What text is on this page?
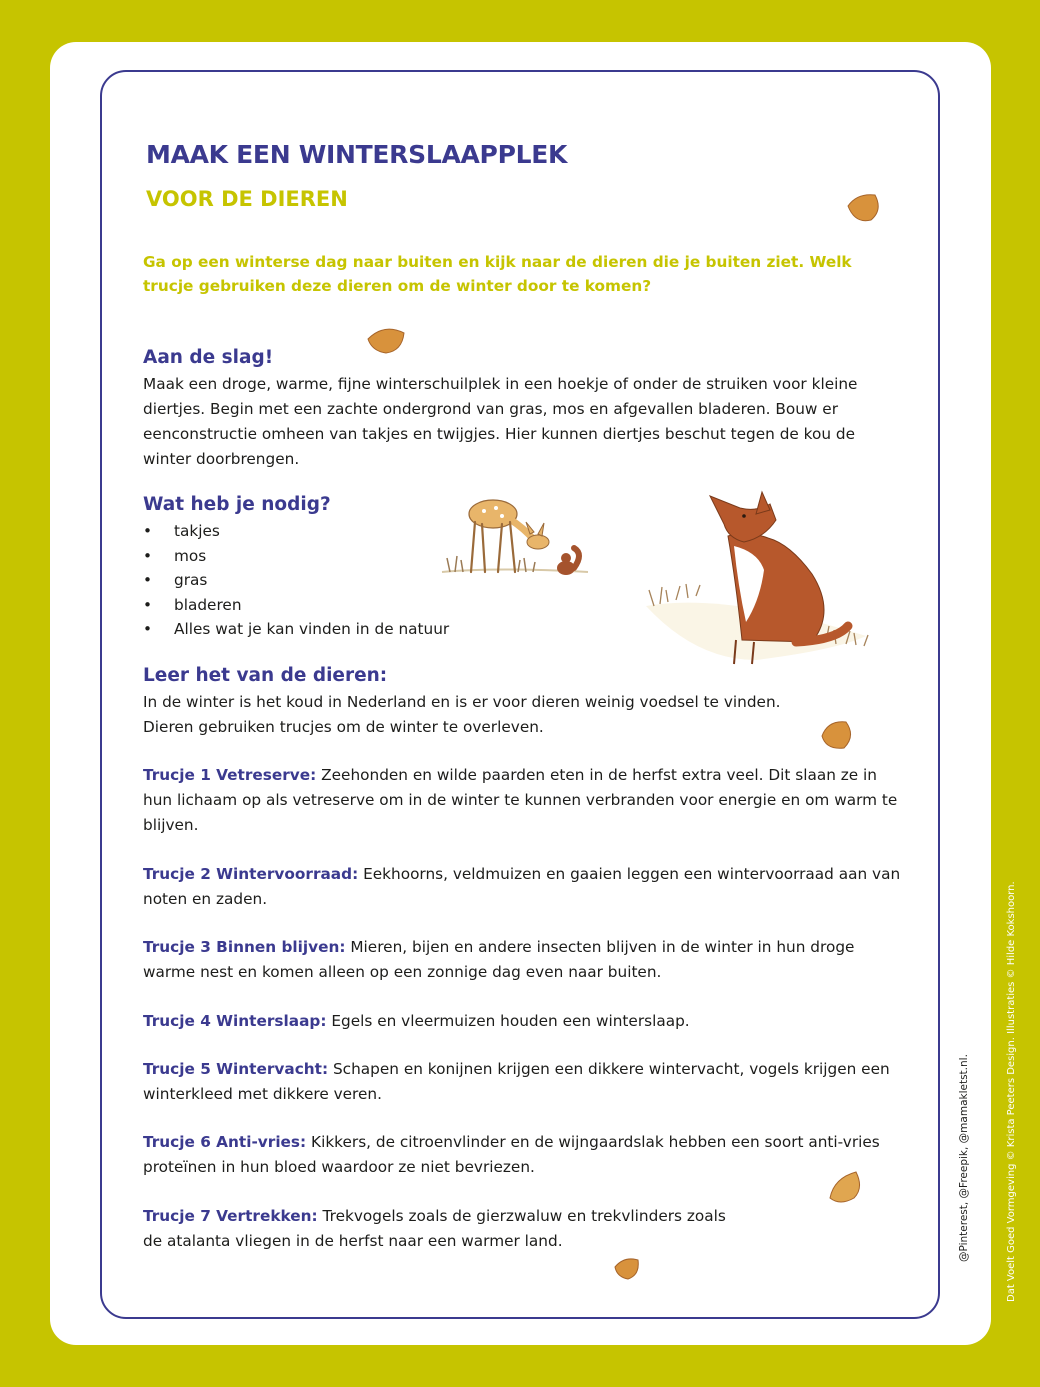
MAAK EEN WINTERSLAAPPLEK
VOOR DE DIEREN

Ga op een winterse dag naar buiten en kijk naar de dieren die je buiten ziet. Welk trucje gebruiken deze dieren om de winter door te komen?

Aan de slag!

Maak een droge, warme, fijne winterschuilplek in een hoekje of onder de struiken voor kleine diertjes. Begin met een zachte ondergrond van gras, mos en afgevallen bladeren. Bouw er eenconstructie omheen van takjes en twijgjes. Hier kunnen diertjes beschut tegen de kou de winter doorbrengen.

Wat heb je nodig?
• takjes
• mos
• gras
• bladeren
• Alles wat je kan vinden in de natuur
Leer het van de dieren:

In de winter is het koud in Nederland en is er voor dieren weinig voedsel te vinden. Dieren gebruiken trucjes om de winter te overleven.

Trucje 1 Vetreserve: Zeehonden en wilde paarden eten in de herfst extra veel. Dit slaan ze in hun lichaam op als vetreserve om in de winter te kunnen verbranden voor energie en om warm te blijven.

Trucje 2 Wintervoorraad: Eekhoorns, veldmuizen en gaaien leggen een wintervoorraad aan van noten en zaden.

Trucje 3 Binnen blijven: Mieren, bijen en andere insecten blijven in de winter in hun droge warme nest en komen alleen op een zonnige dag even naar buiten.

Trucje 4 Winterslaap: Egels en vleermuizen houden een winterslaap.

Trucje 5 Wintervacht: Schapen en konijnen krijgen een dikkere wintervacht, vogels krijgen een winterkleed met dikkere veren.

Trucje 6 Anti-vries: Kikkers, de citroenvlinder en de wijngaardslak hebben een soort anti-vries proteïnen in hun bloed waardoor ze niet bevriezen.

Trucje 7 Vertrekken: Trekvogels zoals de gierzwaluw en trekvlinders zoals de atalanta vliegen in de herfst naar een warmer land.	@Pinterest, @Freepik, @mamakletst.nl.	Dat Voelt Goed Vormgeving © Krista Peeters Design. Illustraties © Hilde Kokshoorn.
